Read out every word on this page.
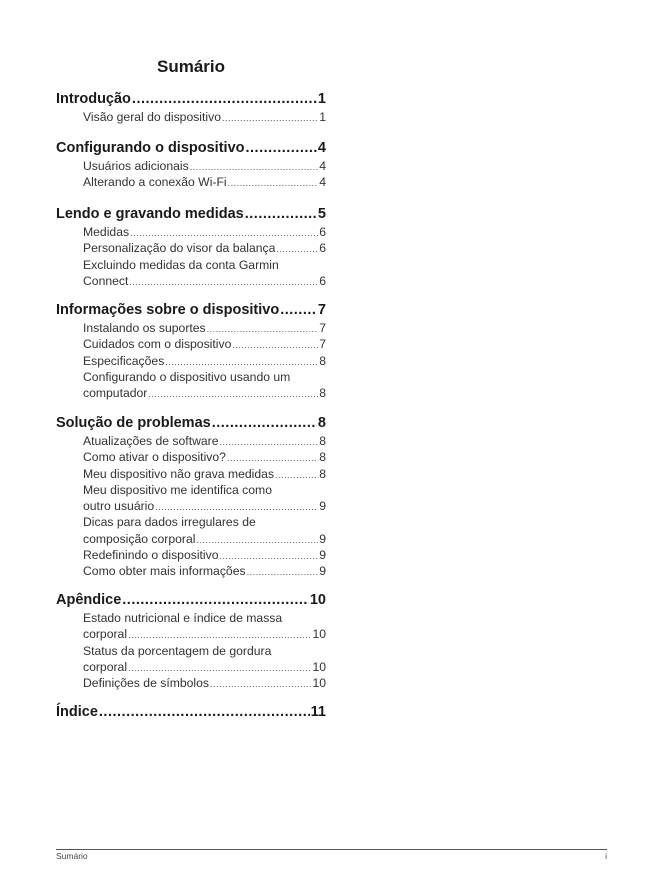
Sumário
Introdução .....	1
Visão geral do dispositivo .....	1
Configurando o dispositivo .....	4
Usuários adicionais .....	4
Alterando a conexão Wi‑Fi .....	4
Lendo e gravando medidas .....	5
Medidas .....	6
Personalização do visor da balança .....	6
Excluindo medidas da conta Garmin
Connect .....	6
Informações sobre o dispositivo .....	7
Instalando os suportes .....	7
Cuidados com o dispositivo .....	7
Especificações .....	8
Configurando o dispositivo usando um
computador .....	8
Solução de problemas .....	8
Atualizações de software .....	8
Como ativar o dispositivo? .....	8
Meu dispositivo não grava medidas .....	8
Meu dispositivo me identifica como
outro usuário .....	9
Dicas para dados irregulares de
composição corporal .....	9
Redefinindo o dispositivo .....	9
Como obter mais informações .....	9
Apêndice .....	10
Estado nutricional e índice de massa
corporal .....	10
Status da porcentagem de gordura
corporal .....	10
Definições de símbolos .....	10
Índice .....	11
Sumário	i
